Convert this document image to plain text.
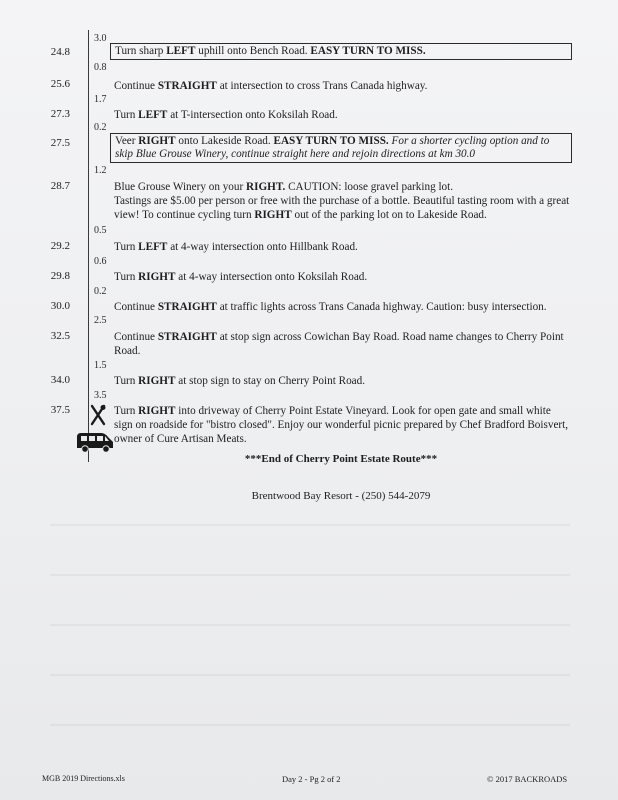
3.0
24.8	Turn sharp LEFT uphill onto Bench Road. EASY TURN TO MISS.
0.8
25.6	Continue STRAIGHT at intersection to cross Trans Canada highway.
1.7
27.3	Turn LEFT at T-intersection onto Koksilah Road.
0.2
27.5	Veer RIGHT onto Lakeside Road. EASY TURN TO MISS. For a shorter cycling option and to skip Blue Grouse Winery, continue straight here and rejoin directions at km 30.0
1.2
28.7	Blue Grouse Winery on your RIGHT. CAUTION: loose gravel parking lot.
Tastings are $5.00 per person or free with the purchase of a bottle. Beautiful tasting room with a great view! To continue cycling turn RIGHT out of the parking lot on to Lakeside Road.
0.5
29.2	Turn LEFT at 4-way intersection onto Hillbank Road.
0.6
29.8	Turn RIGHT at 4-way intersection onto Koksilah Road.
0.2
30.0	Continue STRAIGHT at traffic lights across Trans Canada highway. Caution: busy intersection.
2.5
32.5	Continue STRAIGHT at stop sign across Cowichan Bay Road. Road name changes to Cherry Point Road.
1.5
34.0	Turn RIGHT at stop sign to stay on Cherry Point Road.
3.5
37.5	Turn RIGHT into driveway of Cherry Point Estate Vineyard. Look for open gate and small white sign on roadside for "bistro closed". Enjoy our wonderful picnic prepared by Chef Bradford Boisvert, owner of Cure Artisan Meats.
***End of Cherry Point Estate Route***
Brentwood Bay Resort - (250) 544-2079
MGB 2019 Directions.xls	Day 2 - Pg 2 of 2	© 2017 BACKROADS
